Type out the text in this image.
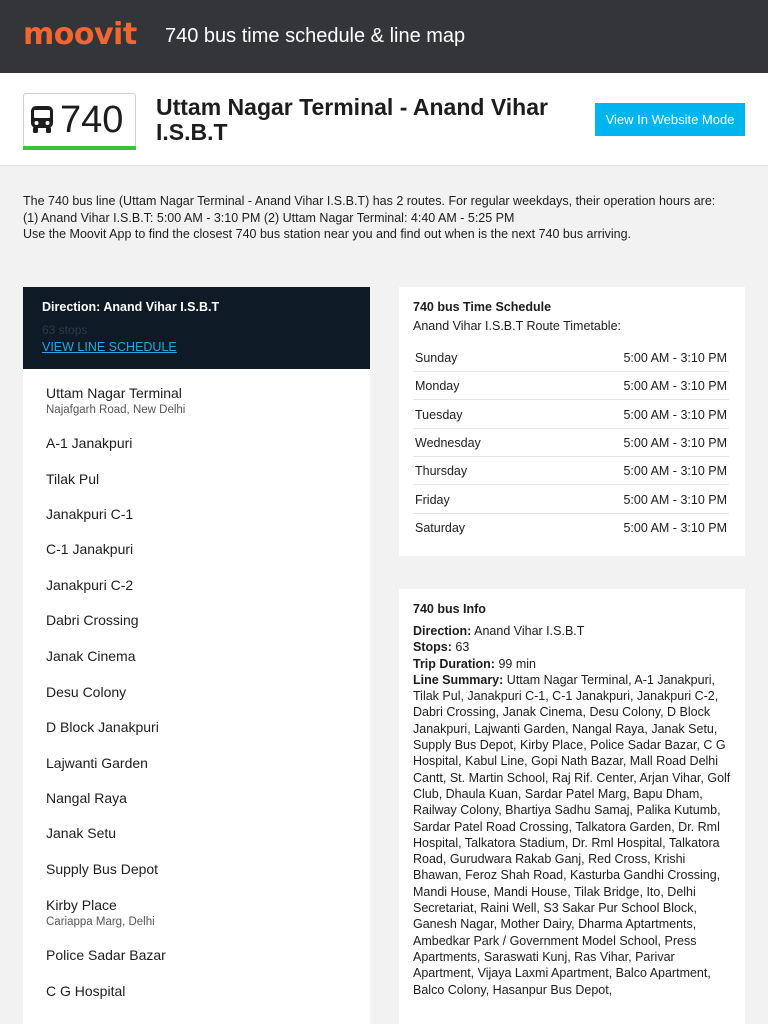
moovit 740 bus time schedule & line map
740 Uttam Nagar Terminal - Anand Vihar I.S.B.T	View In Website Mode
The 740 bus line (Uttam Nagar Terminal - Anand Vihar I.S.B.T) has 2 routes. For regular weekdays, their operation hours are:
(1) Anand Vihar I.S.B.T: 5:00 AM - 3:10 PM (2) Uttam Nagar Terminal: 4:40 AM - 5:25 PM
Use the Moovit App to find the closest 740 bus station near you and find out when is the next 740 bus arriving.
Direction: Anand Vihar I.S.B.T
63 stops
VIEW LINE SCHEDULE
Uttam Nagar Terminal
Najafgarh Road, New Delhi
A-1 Janakpuri
Tilak Pul
Janakpuri C-1
C-1 Janakpuri
Janakpuri C-2
Dabri Crossing
Janak Cinema
Desu Colony
D Block Janakpuri
Lajwanti Garden
Nangal Raya
Janak Setu
Supply Bus Depot
Kirby Place
Cariappa Marg, Delhi
Police Sadar Bazar
C G Hospital
740 bus Time Schedule
Anand Vihar I.S.B.T Route Timetable:
Sunday	5:00 AM - 3:10 PM
Monday	5:00 AM - 3:10 PM
Tuesday	5:00 AM - 3:10 PM
Wednesday	5:00 AM - 3:10 PM
Thursday	5:00 AM - 3:10 PM
Friday	5:00 AM - 3:10 PM
Saturday	5:00 AM - 3:10 PM
740 bus Info
Direction: Anand Vihar I.S.B.T
Stops: 63
Trip Duration: 99 min
Line Summary: Uttam Nagar Terminal, A-1 Janakpuri, Tilak Pul, Janakpuri C-1, C-1 Janakpuri, Janakpuri C-2, Dabri Crossing, Janak Cinema, Desu Colony, D Block Janakpuri, Lajwanti Garden, Nangal Raya, Janak Setu, Supply Bus Depot, Kirby Place, Police Sadar Bazar, C G Hospital, Kabul Line, Gopi Nath Bazar, Mall Road Delhi Cantt, St. Martin School, Raj Rif. Center, Arjan Vihar, Golf Club, Dhaula Kuan, Sardar Patel Marg, Bapu Dham, Railway Colony, Bhartiya Sadhu Samaj, Palika Kutumb, Sardar Patel Road Crossing, Talkatora Garden, Dr. Rml Hospital, Talkatora Stadium, Dr. Rml Hospital, Talkatora Road, Gurudwara Rakab Ganj, Red Cross, Krishi Bhawan, Feroz Shah Road, Kasturba Gandhi Crossing, Mandi House, Mandi House, Tilak Bridge, Ito, Delhi Secretariat, Raini Well, S3 Sakar Pur School Block, Ganesh Nagar, Mother Dairy, Dharma Aptartments, Ambedkar Park / Government Model School, Press Apartments, Saraswati Kunj, Ras Vihar, Parivar Apartment, Vijaya Laxmi Apartment, Balco Apartment, Balco Colony, Hasanpur Bus Depot,
